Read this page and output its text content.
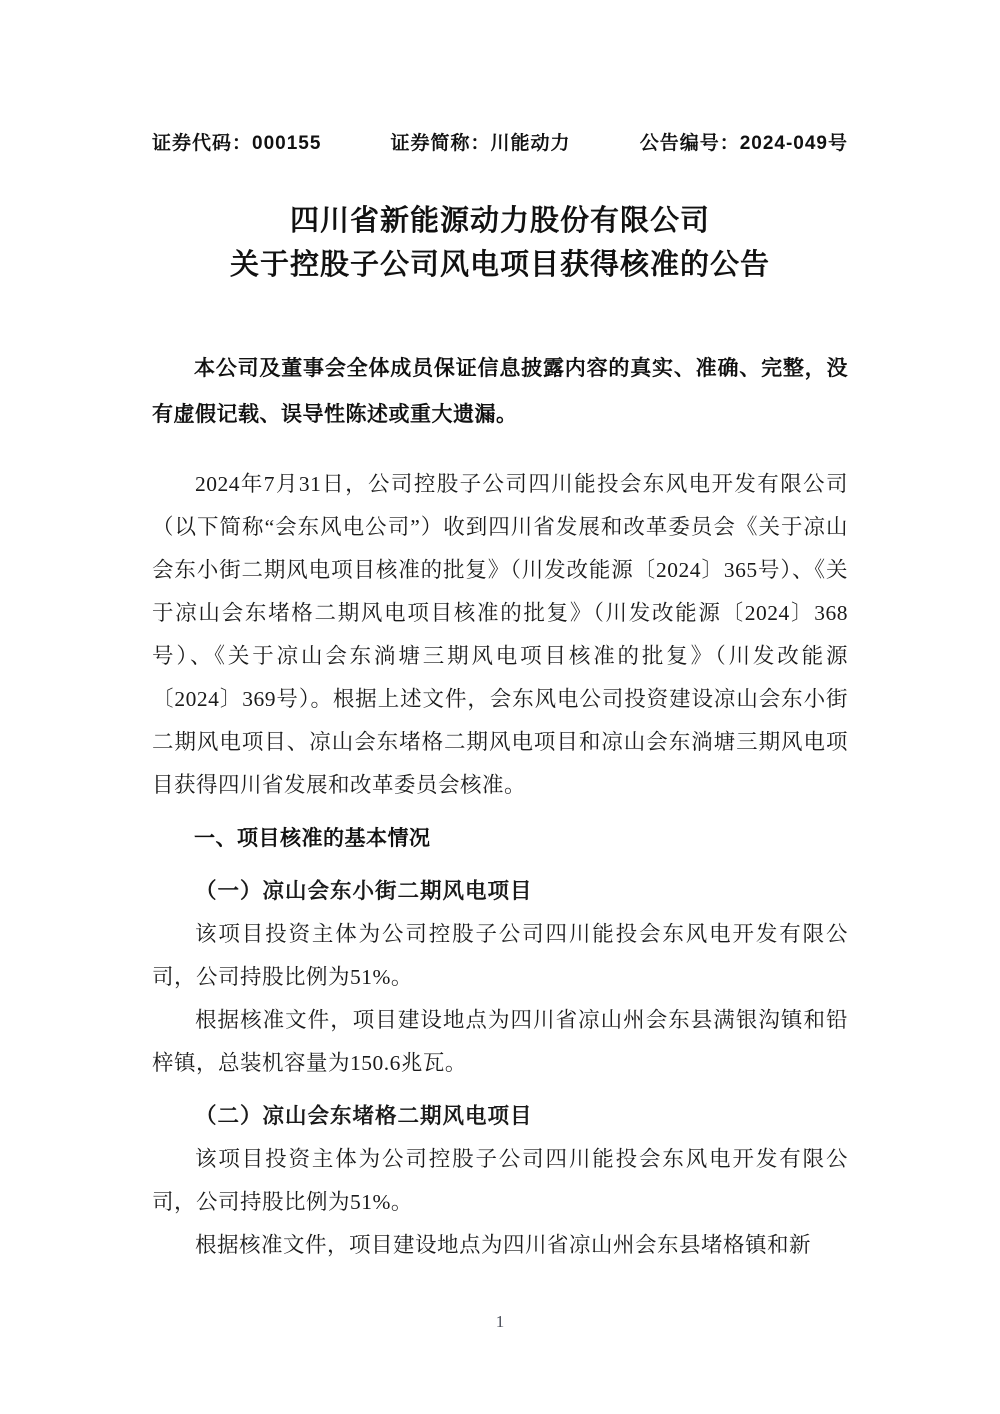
证券代码：000155	证券简称：川能动力	公告编号：2024-049号
四川省新能源动力股份有限公司
关于控股子公司风电项目获得核准的公告

本公司及董事会全体成员保证信息披露内容的真实、准确、完整，没有虚假记载、误导性陈述或重大遗漏。

2024年7月31日，公司控股子公司四川能投会东风电开发有限公司（以下简称“会东风电公司”）收到四川省发展和改革委员会《关于凉山会东小街二期风电项目核准的批复》（川发改能源〔2024〕365号）、《关于凉山会东堵格二期风电项目核准的批复》（川发改能源〔2024〕368号）、《关于凉山会东淌塘三期风电项目核准的批复》（川发改能源〔2024〕369号）。根据上述文件，会东风电公司投资建设凉山会东小街二期风电项目、凉山会东堵格二期风电项目和凉山会东淌塘三期风电项目获得四川省发展和改革委员会核准。

一、项目核准的基本情况

（一）凉山会东小街二期风电项目

该项目投资主体为公司控股子公司四川能投会东风电开发有限公司，公司持股比例为51%。

根据核准文件，项目建设地点为四川省凉山州会东县满银沟镇和铅梓镇，总装机容量为150.6兆瓦。

（二）凉山会东堵格二期风电项目

该项目投资主体为公司控股子公司四川能投会东风电开发有限公司，公司持股比例为51%。

根据核准文件，项目建设地点为四川省凉山州会东县堵格镇和新

1
